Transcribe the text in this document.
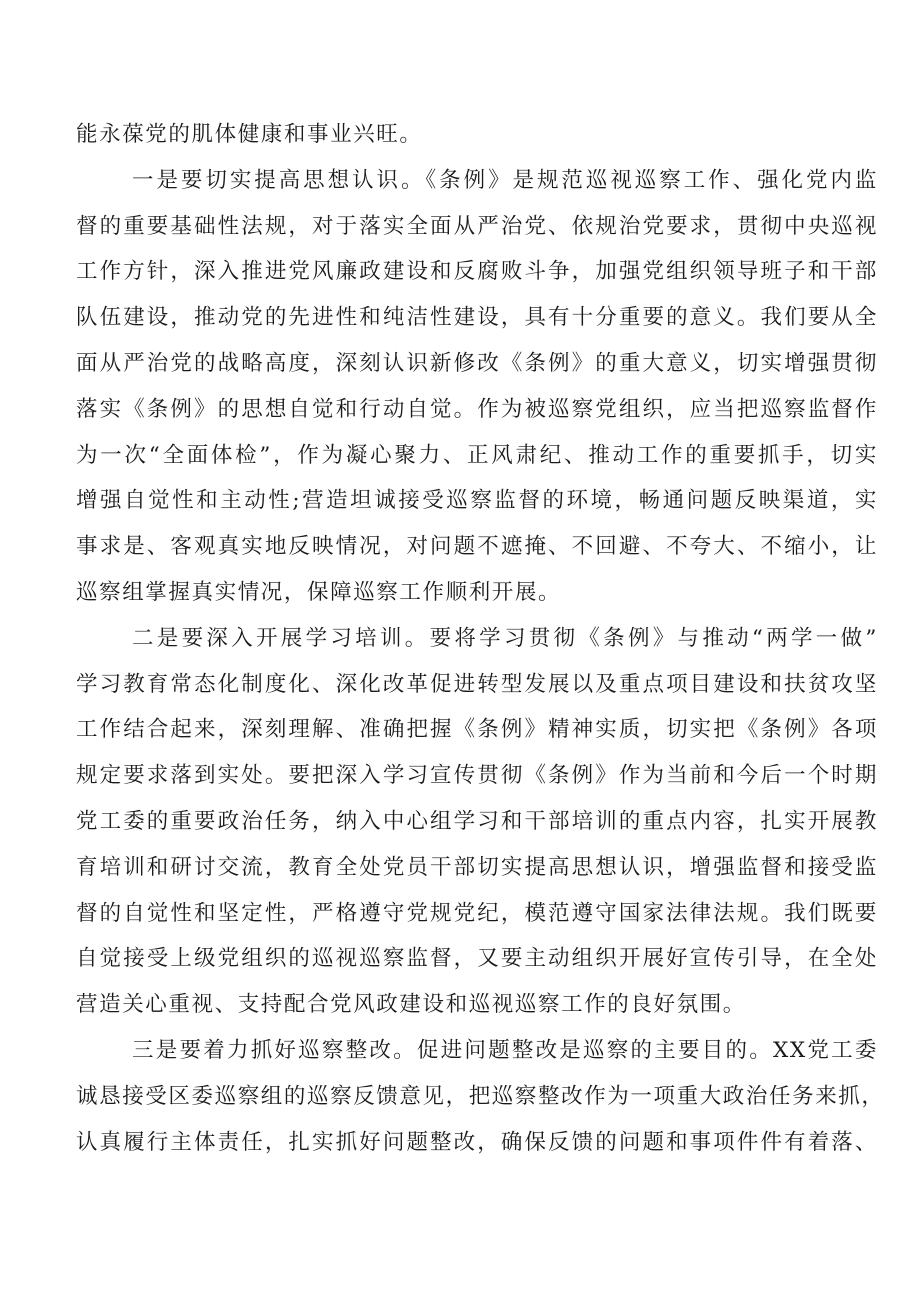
能永葆党的肌体健康和事业兴旺。
一是要切实提高思想认识。《条例》是规范巡视巡察工作、强化党内监
督的重要基础性法规，对于落实全面从严治党、依规治党要求，贯彻中央巡视
工作方针，深入推进党风廉政建设和反腐败斗争，加强党组织领导班子和干部
队伍建设，推动党的先进性和纯洁性建设，具有十分重要的意义。我们要从全
面从严治党的战略高度，深刻认识新修改《条例》的重大意义，切实增强贯彻
落实《条例》的思想自觉和行动自觉。作为被巡察党组织，应当把巡察监督作
为一次“全面体检”，作为凝心聚力、正风肃纪、推动工作的重要抓手，切实
增强自觉性和主动性;营造坦诚接受巡察监督的环境，畅通问题反映渠道，实
事求是、客观真实地反映情况，对问题不遮掩、不回避、不夸大、不缩小，让
巡察组掌握真实情况，保障巡察工作顺利开展。
二是要深入开展学习培训。要将学习贯彻《条例》与推动“两学一做”
学习教育常态化制度化、深化改革促进转型发展以及重点项目建设和扶贫攻坚
工作结合起来，深刻理解、准确把握《条例》精神实质，切实把《条例》各项
规定要求落到实处。要把深入学习宣传贯彻《条例》作为当前和今后一个时期
党工委的重要政治任务，纳入中心组学习和干部培训的重点内容，扎实开展教
育培训和研讨交流，教育全处党员干部切实提高思想认识，增强监督和接受监
督的自觉性和坚定性，严格遵守党规党纪，模范遵守国家法律法规。我们既要
自觉接受上级党组织的巡视巡察监督，又要主动组织开展好宣传引导，在全处
营造关心重视、支持配合党风政建设和巡视巡察工作的良好氛围。
三是要着力抓好巡察整改。促进问题整改是巡察的主要目的。XX党工委
诚恳接受区委巡察组的巡察反馈意见，把巡察整改作为一项重大政治任务来抓，
认真履行主体责任，扎实抓好问题整改，确保反馈的问题和事项件件有着落、
